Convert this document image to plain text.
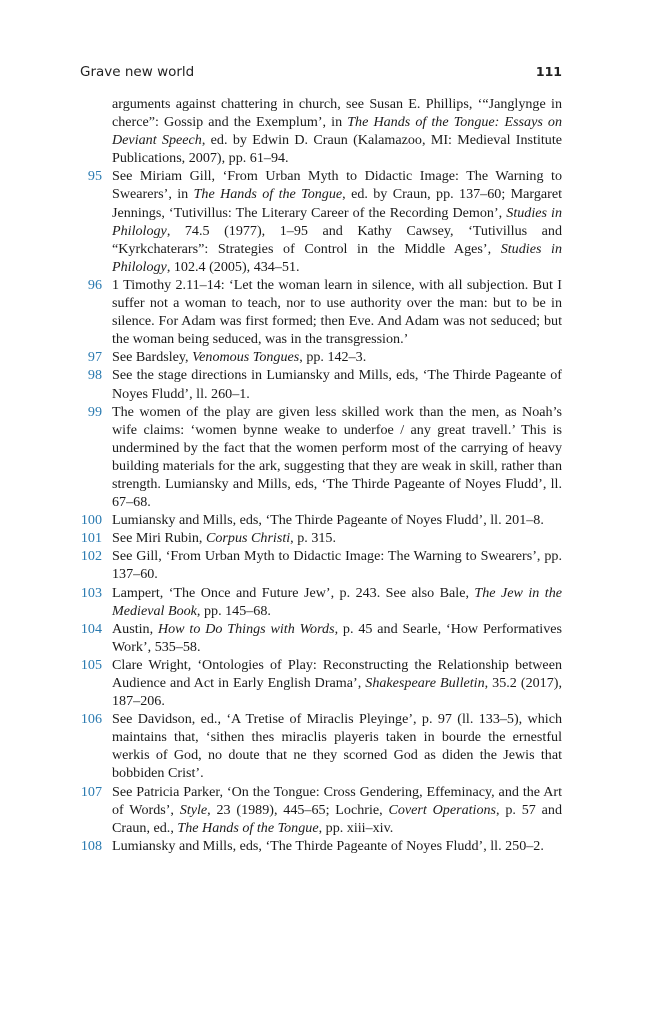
Grave new world	111
arguments against chattering in church, see Susan E. Phillips, ‘“Janglynge in cherce”: Gossip and the Exemplum’, in The Hands of the Tongue: Essays on Deviant Speech, ed. by Edwin D. Craun (Kalamazoo, MI: Medieval Institute Publications, 2007), pp. 61–94.
95 See Miriam Gill, ‘From Urban Myth to Didactic Image: The Warning to Swearers’, in The Hands of the Tongue, ed. by Craun, pp. 137–60; Margaret Jennings, ‘Tutivillus: The Literary Career of the Recording Demon’, Studies in Philology, 74.5 (1977), 1–95 and Kathy Cawsey, ‘Tutivillus and “Kyrkchaterars”: Strategies of Control in the Middle Ages’, Studies in Philology, 102.4 (2005), 434–51.
96 1 Timothy 2.11–14: ‘Let the woman learn in silence, with all subjection. But I suffer not a woman to teach, nor to use authority over the man: but to be in silence. For Adam was first formed; then Eve. And Adam was not seduced; but the woman being seduced, was in the transgression.’
97 See Bardsley, Venomous Tongues, pp. 142–3.
98 See the stage directions in Lumiansky and Mills, eds, ‘The Thirde Pageante of Noyes Fludd’, ll. 260–1.
99 The women of the play are given less skilled work than the men, as Noah’s wife claims: ‘women bynne weake to underfoe / any great travell.’ This is undermined by the fact that the women perform most of the carrying of heavy building materials for the ark, suggesting that they are weak in skill, rather than strength. Lumiansky and Mills, eds, ‘The Thirde Pageante of Noyes Fludd’, ll. 67–68.
100 Lumiansky and Mills, eds, ‘The Thirde Pageante of Noyes Fludd’, ll. 201–8.
101 See Miri Rubin, Corpus Christi, p. 315.
102 See Gill, ‘From Urban Myth to Didactic Image: The Warning to Swearers’, pp. 137–60.
103 Lampert, ‘The Once and Future Jew’, p. 243. See also Bale, The Jew in the Medieval Book, pp. 145–68.
104 Austin, How to Do Things with Words, p. 45 and Searle, ‘How Performatives Work’, 535–58.
105 Clare Wright, ‘Ontologies of Play: Reconstructing the Relationship between Audience and Act in Early English Drama’, Shakespeare Bulletin, 35.2 (2017), 187–206.
106 See Davidson, ed., ‘A Tretise of Miraclis Pleyinge’, p. 97 (ll. 133–5), which maintains that, ‘sithen thes miraclis playeris taken in bourde the ernestful werkis of God, no doute that ne they scorned God as diden the Jewis that bobbiden Crist’.
107 See Patricia Parker, ‘On the Tongue: Cross Gendering, Effeminacy, and the Art of Words’, Style, 23 (1989), 445–65; Lochrie, Covert Operations, p. 57 and Craun, ed., The Hands of the Tongue, pp. xiii–xiv.
108 Lumiansky and Mills, eds, ‘The Thirde Pageante of Noyes Fludd’, ll. 250–2.
